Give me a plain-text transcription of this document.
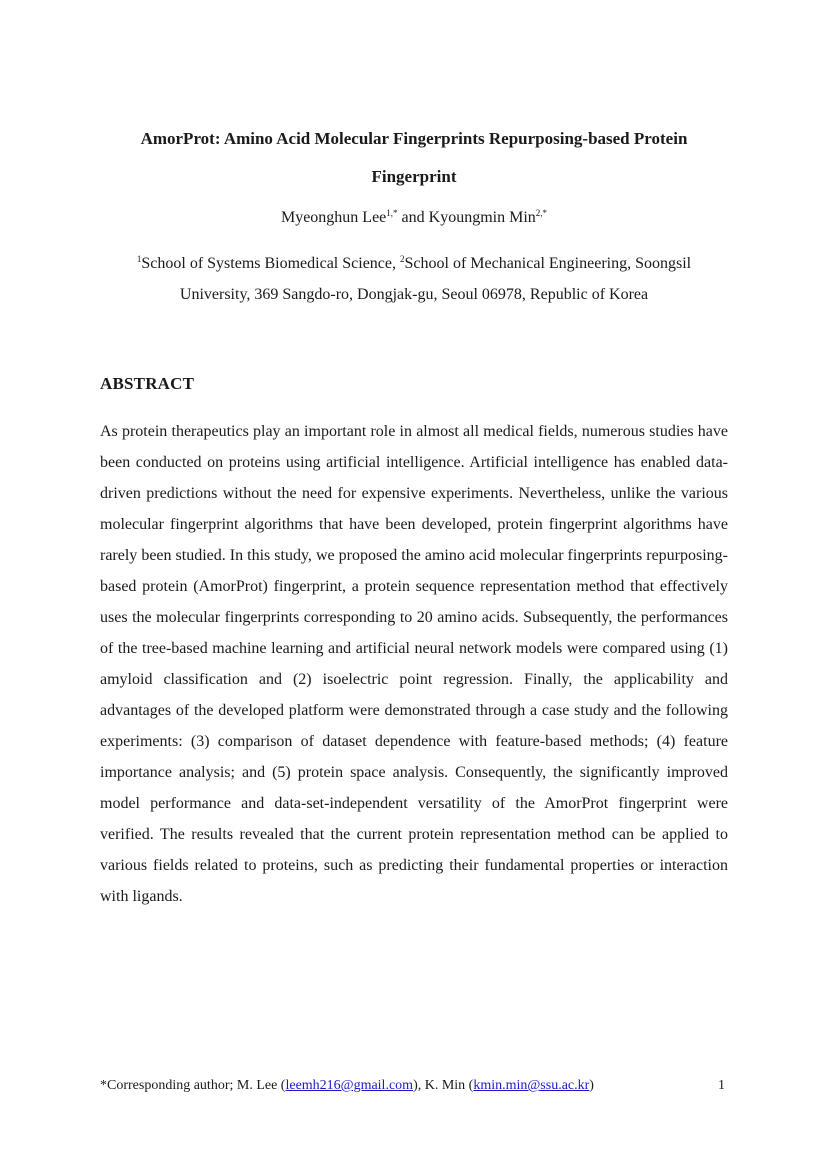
AmorProt: Amino Acid Molecular Fingerprints Repurposing-based Protein Fingerprint
Myeonghun Lee$^{1,*}$ and Kyoungmin Min$^{2,*}$
$^1$School of Systems Biomedical Science, $^2$School of Mechanical Engineering, Soongsil University, 369 Sangdo-ro, Dongjak-gu, Seoul 06978, Republic of Korea
ABSTRACT
As protein therapeutics play an important role in almost all medical fields, numerous studies have been conducted on proteins using artificial intelligence. Artificial intelligence has enabled data-driven predictions without the need for expensive experiments. Nevertheless, unlike the various molecular fingerprint algorithms that have been developed, protein fingerprint algorithms have rarely been studied. In this study, we proposed the amino acid molecular fingerprints repurposing-based protein (AmorProt) fingerprint, a protein sequence representation method that effectively uses the molecular fingerprints corresponding to 20 amino acids. Subsequently, the performances of the tree-based machine learning and artificial neural network models were compared using (1) amyloid classification and (2) isoelectric point regression. Finally, the applicability and advantages of the developed platform were demonstrated through a case study and the following experiments: (3) comparison of dataset dependence with feature-based methods; (4) feature importance analysis; and (5) protein space analysis. Consequently, the significantly improved model performance and data-set-independent versatility of the AmorProt fingerprint were verified. The results revealed that the current protein representation method can be applied to various fields related to proteins, such as predicting their fundamental properties or interaction with ligands.
*Corresponding author; M. Lee (leemh216@gmail.com), K. Min (kmin.min@ssu.ac.kr)	1
